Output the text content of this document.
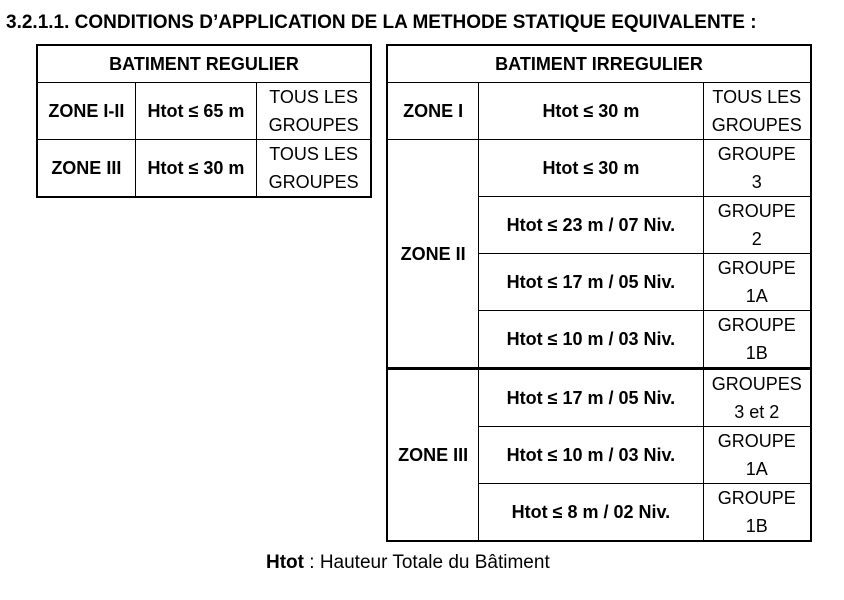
3.2.1.1. CONDITIONS D’APPLICATION DE LA METHODE STATIQUE EQUIVALENTE :
BATIMENT REGULIER		
ZONE I-II	Htot ≤ 65 m	TOUS LES
GROUPES
ZONE III	Htot ≤ 30 m	TOUS LES
GROUPES
BATIMENT IRREGULIER		
ZONE I	Htot ≤ 30 m	TOUS LES
GROUPES
ZONE II	Htot ≤ 30 m	GROUPE
3
	Htot ≤ 23 m / 07 Niv.	GROUPE
2
	Htot ≤ 17 m / 05 Niv.	GROUPE
1A
	Htot ≤ 10 m / 03 Niv.	GROUPE
1B
ZONE III	Htot ≤ 17 m / 05 Niv.	GROUPES
3 et 2
	Htot ≤ 10 m / 03 Niv.	GROUPE
1A
	Htot ≤ 8 m / 02 Niv.	GROUPE
1B
Htot : Hauteur Totale du Bâtiment
